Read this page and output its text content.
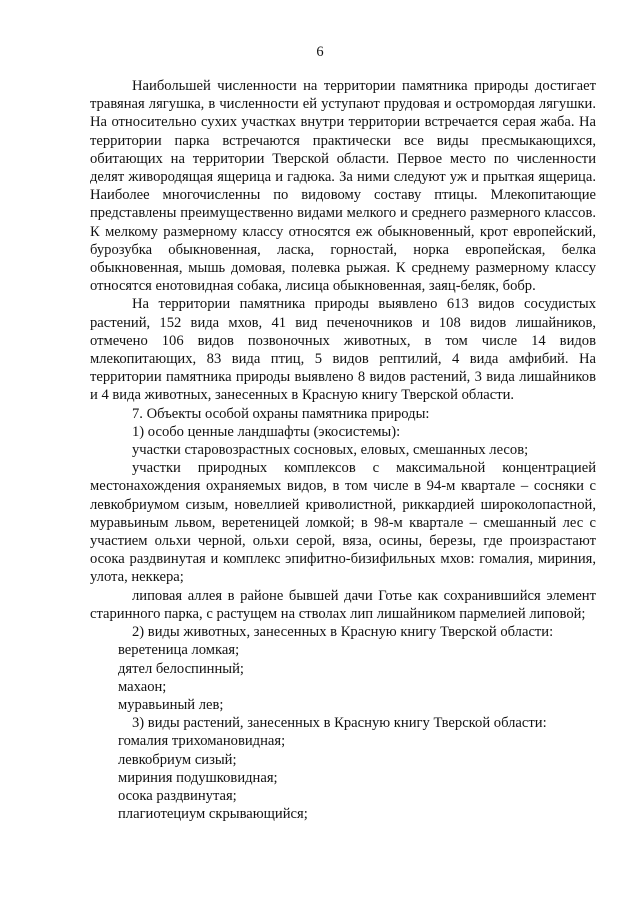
6

Наибольшей численности на территории памятника природы достигает травяная лягушка, в численности ей уступают прудовая и остромордая лягушки. На относительно сухих участках внутри территории встречается серая жаба. На территории парка встречаются практически все виды пресмыкающихся, обитающих на территории Тверской области. Первое место по численности делят живородящая ящерица и гадюка. За ними следуют уж и прыткая ящерица. Наиболее многочисленны по видовому составу птицы. Млекопитающие представлены преимущественно видами мелкого и среднего размерного классов. К мелкому размерному классу относятся еж обыкновенный, крот европейский, бурозубка обыкновенная, ласка, горностай, норка европейская, белка обыкновенная, мышь домовая, полевка рыжая. К среднему размерному классу относятся енотовидная собака, лисица обыкновенная, заяц-беляк, бобр.

На территории памятника природы выявлено 613 видов сосудистых растений, 152 вида мхов, 41 вид печеночников и 108 видов лишайников, отмечено 106 видов позвоночных животных, в том числе 14 видов млекопитающих, 83 вида птиц, 5 видов рептилий, 4 вида амфибий. На территории памятника природы выявлено 8 видов растений, 3 вида лишайников и 4 вида животных, занесенных в Красную книгу Тверской области.

7. Объекты особой охраны памятника природы:

1) особо ценные ландшафты (экосистемы):

участки старовозрастных сосновых, еловых, смешанных лесов;

участки природных комплексов с максимальной концентрацией местонахождения охраняемых видов, в том числе в 94-м квартале – сосняки с левкобриумом сизым, новеллией криволистной, риккардией широколопастной, муравьиным львом, веретеницей ломкой; в 98-м квартале – смешанный лес с участием ольхи черной, ольхи серой, вяза, осины, березы, где произрастают осока раздвинутая и комплекс эпифитно-бизифильных мхов: гомалия, мириния, улота, неккера;

липовая аллея в районе бывшей дачи Готье как сохранившийся элемент старинного парка, с растущем на стволах лип лишайником пармелией липовой;

2) виды животных, занесенных в Красную книгу Тверской области:

веретеница ломкая;

дятел белоспинный;

махаон;

муравьиный лев;

3) виды растений, занесенных в Красную книгу Тверской области:

гомалия трихомановидная;

левкобриум сизый;

мириния подушковидная;

осока раздвинутая;

плагиотециум скрывающийся;
